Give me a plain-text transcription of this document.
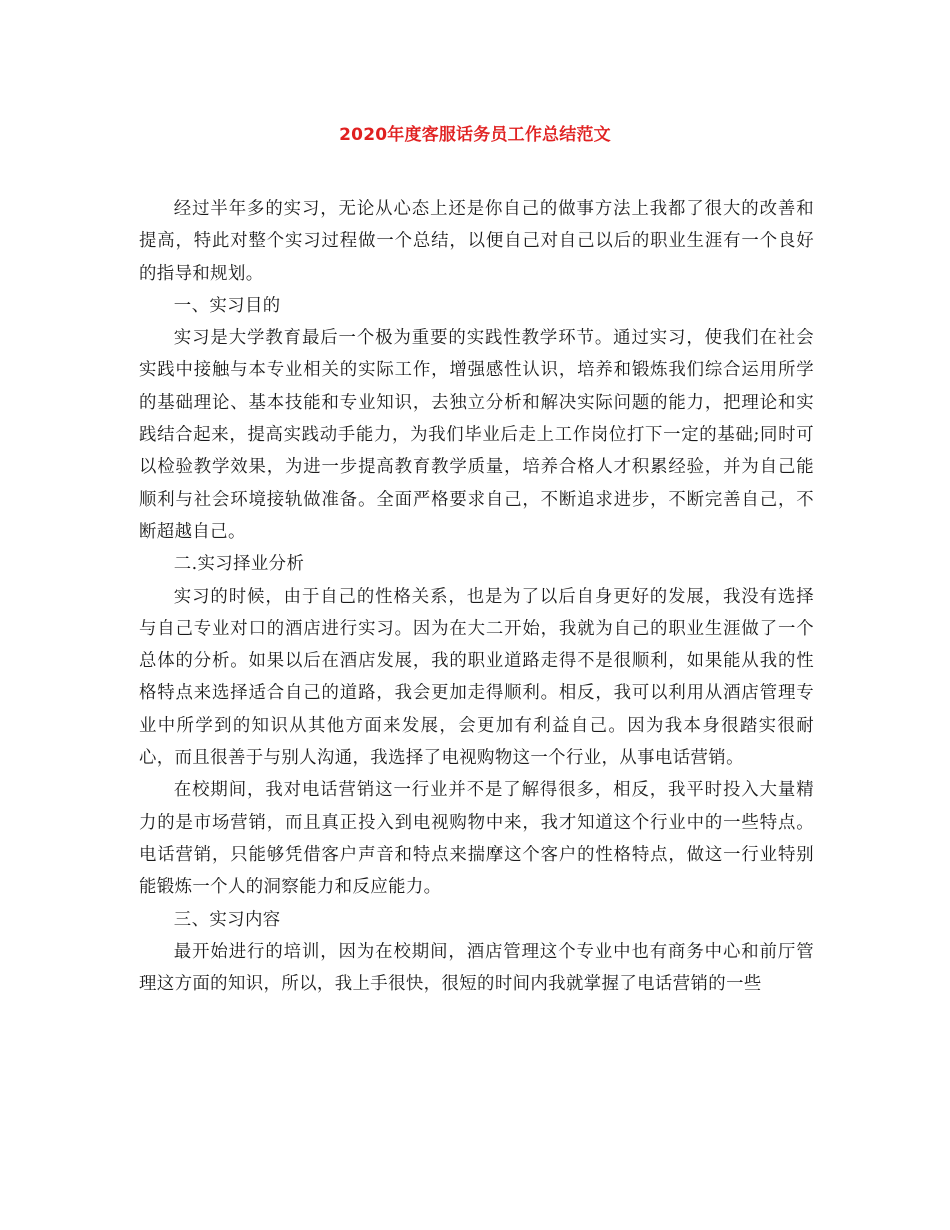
2020年度客服话务员工作总结范文

经过半年多的实习，无论从心态上还是你自己的做事方法上我都了很大的改善和提高，特此对整个实习过程做一个总结，以便自己对自己以后的职业生涯有一个良好的指导和规划。

一、实习目的

实习是大学教育最后一个极为重要的实践性教学环节。通过实习，使我们在社会实践中接触与本专业相关的实际工作，增强感性认识，培养和锻炼我们综合运用所学的基础理论、基本技能和专业知识，去独立分析和解决实际问题的能力，把理论和实践结合起来，提高实践动手能力，为我们毕业后走上工作岗位打下一定的基础;同时可以检验教学效果，为进一步提高教育教学质量，培养合格人才积累经验，并为自己能顺利与社会环境接轨做准备。全面严格要求自己，不断追求进步，不断完善自己，不断超越自己。

二.实习择业分析

实习的时候，由于自己的性格关系，也是为了以后自身更好的发展，我没有选择与自己专业对口的酒店进行实习。因为在大二开始，我就为自己的职业生涯做了一个总体的分析。如果以后在酒店发展，我的职业道路走得不是很顺利，如果能从我的性格特点来选择适合自己的道路，我会更加走得顺利。相反，我可以利用从酒店管理专业中所学到的知识从其他方面来发展，会更加有利益自己。因为我本身很踏实很耐心，而且很善于与别人沟通，我选择了电视购物这一个行业，从事电话营销。

在校期间，我对电话营销这一行业并不是了解得很多，相反，我平时投入大量精力的是市场营销，而且真正投入到电视购物中来，我才知道这个行业中的一些特点。电话营销，只能够凭借客户声音和特点来揣摩这个客户的性格特点，做这一行业特别能锻炼一个人的洞察能力和反应能力。

三、实习内容

最开始进行的培训，因为在校期间，酒店管理这个专业中也有商务中心和前厅管理这方面的知识，所以，我上手很快，很短的时间内我就掌握了电话营销的一些
